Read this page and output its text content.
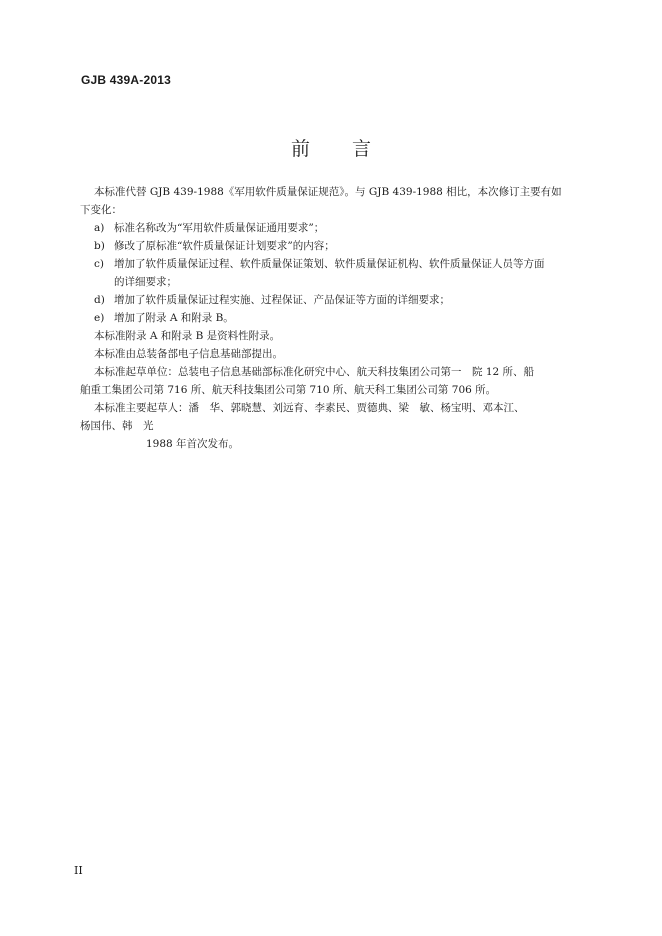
GJB 439A-2013
前 言
本标准代替 GJB 439-1988《军用软件质量保证规范》。与 GJB 439-1988 相比，本次修订主要有如
下变化：
a) 标准名称改为“军用软件质量保证通用要求”；
b) 修改了原标准“软件质量保证计划要求”的内容；
c) 增加了软件质量保证过程、软件质量保证策划、软件质量保证机构、软件质量保证人员等方面
的详细要求；
d) 增加了软件质量保证过程实施、过程保证、产品保证等方面的详细要求；
e) 增加了附录 A 和附录 B。
本标准附录 A 和附录 B 是资料性附录。
本标准由总装备部电子信息基础部提出。
本标准起草单位：总装电子信息基础部标准化研究中心、航天科技集团公司第一　院 12 所、船
舶重工集团公司第 716 所、航天科技集团公司第 710 所、航天科工集团公司第 706 所。
本标准主要起草人：潘　华、郭晓慧、刘远育、李素民、贾德典、梁　敏、杨宝明、邓本江、
杨国伟、韩　光
1988 年首次发布。
II
